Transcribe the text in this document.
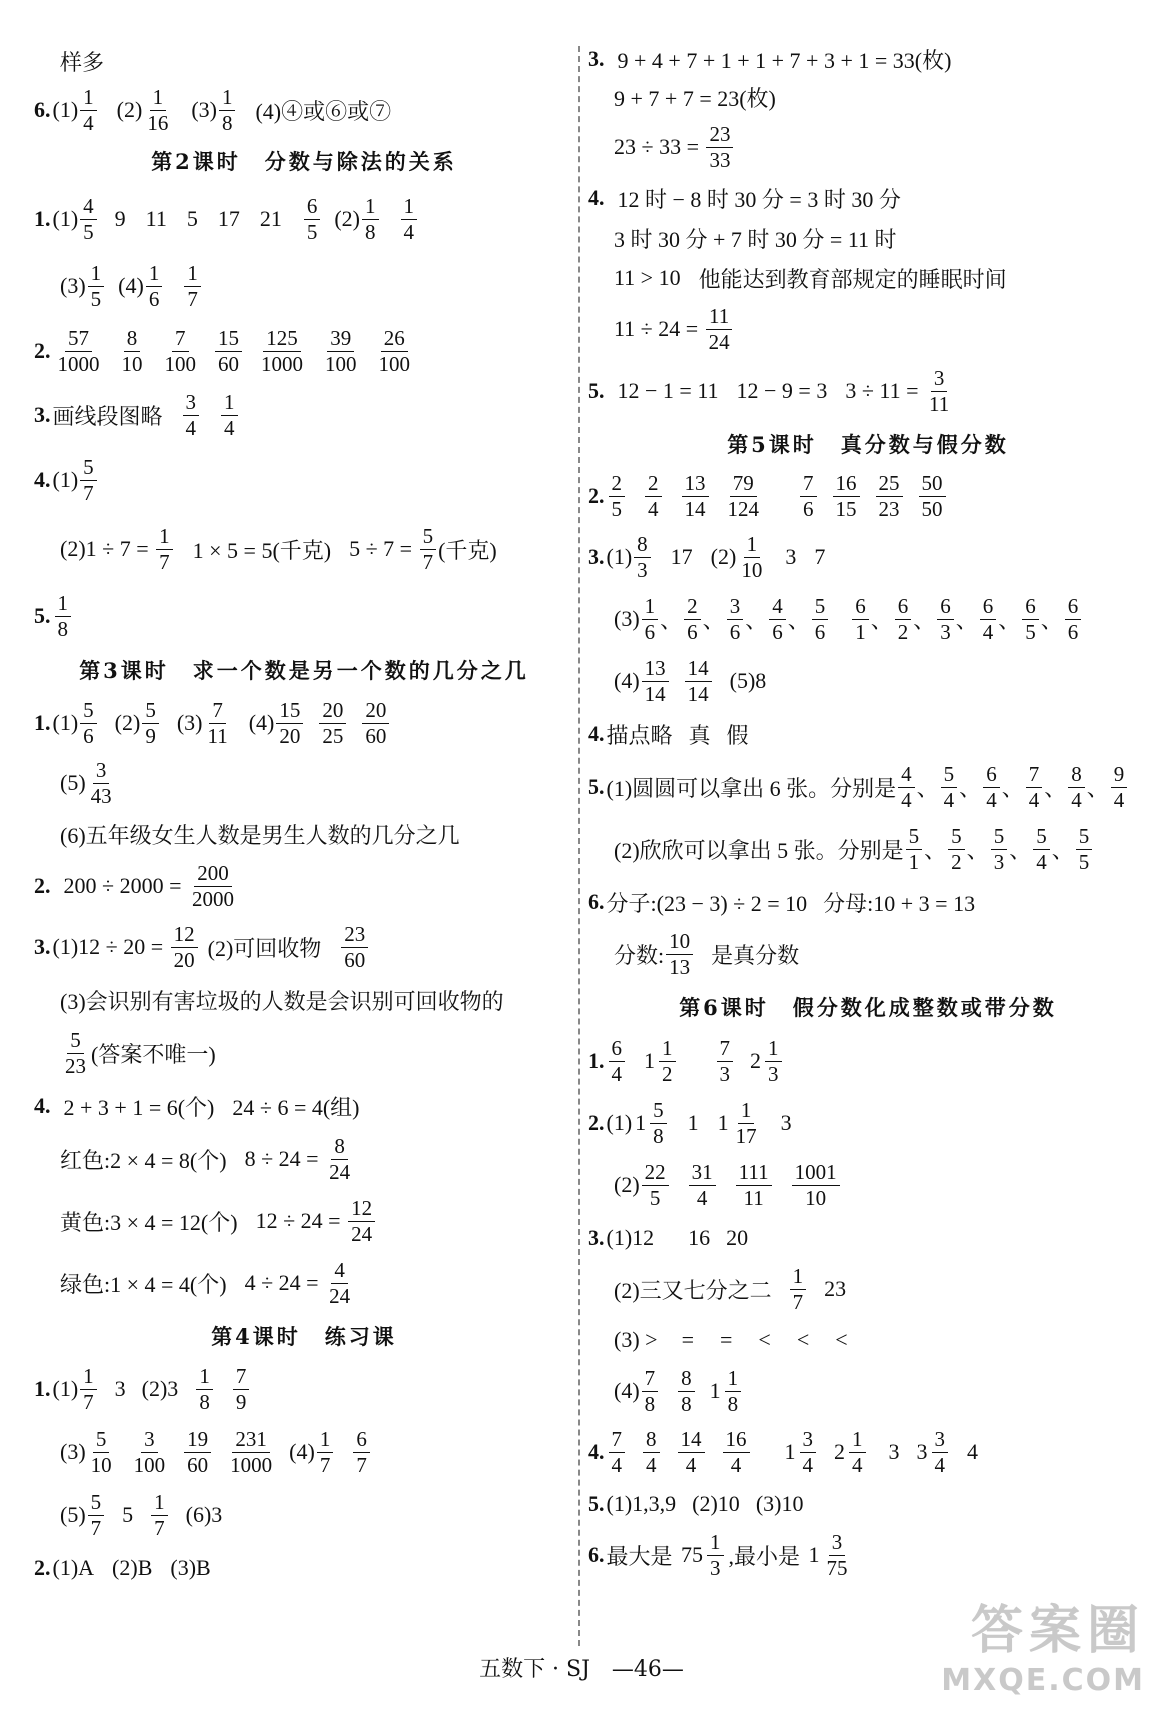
样多
6. $(1) \frac{1}{4} (2) \frac{1}{16} (3) \frac{1}{8}$ (4)④或⑥或⑦
第2课时　分数与除法的关系
1. $(1) \frac{4}{5} 9$ 11 5 17 $21 \frac{6}{5} (2) \frac{1}{8} \frac{1}{4}$
$(3) \frac{1}{5} (4) \frac{1}{6} \frac{1}{7}$
2. $\frac{57}{1000} \frac{8}{10} \frac{7}{100} \frac{15}{60} \frac{125}{1000} \frac{39}{100} \frac{26}{100}$
3. 画线段图略 $\frac{3}{4} \frac{1}{4}$
4. $(1) \frac{5}{7}$
$(2)1 \div 7 = \frac{1}{7} 1 \times 5 = 5$(千克) $5 \div 7 = \frac{5}{7}$ (千克)
5. $\frac{1}{8}$
第3课时　求一个数是另一个数的几分之几
1. $(1) \frac{5}{6} (2) \frac{5}{9} (3) \frac{7}{11} (4) \frac{15}{20} \frac{20}{25} \frac{20}{60}$
$(5) \frac{3}{43}$
(6)五年级女生人数是男生人数的几分之几
2. $200 \div 2000 = \frac{200}{2000}$
3. $(1)12 \div 20 = \frac{12}{20} (2)$可回收物 $\frac{23}{60}$
(3)会识别有害垃圾的人数是会识别可回收物的
$\frac{5}{23}$ (答案不唯一)
4. 2 + 3 + 1 = 6(个) 24 ÷ 6 = 4(组)
红色:2 × 4 = 8(个) $8 \div 24 = \frac{8}{24}$
黄色:3 × 4 = 12(个) $12 \div 24 = \frac{12}{24}$
绿色:1 × 4 = 4(个) $4 \div 24 = \frac{4}{24}$
第4课时　练习课
1. $(1) \frac{1}{7} 3$ $(2)3 \frac{1}{8} \frac{7}{9}$
$(3) \frac{5}{10} \frac{3}{100} \frac{19}{60} \frac{231}{1000} (4) \frac{1}{7} \frac{6}{7}$
$(5) \frac{5}{7} 5 \frac{1}{7} (6)3$
2. (1)A (2)B (3)B
3. 9 + 4 + 7 + 1 + 1 + 7 + 3 + 1 = 33(枚)
9 + 7 + 7 = 23(枚)
$23 \div 33 = \frac{23}{33}$
4. 12 时 − 8 时 30 分 = 3 时 30 分
3 时 30 分 + 7 时 30 分 = 11 时
11 > 10 他能达到教育部规定的睡眠时间
$11 \div 24 = \frac{11}{24}$
5. 12 − 1 = 11 12 − 9 = 3 $3 \div 11 = \frac{3}{11}$
第5课时　真分数与假分数
2. $\frac{2}{5} \frac{2}{4} \frac{13}{14} \frac{79}{124} \frac{7}{6} \frac{16}{15} \frac{25}{23} \frac{50}{50}$
3. $(1) \frac{8}{3} 17$ $(2) \frac{1}{10} 3$ 7
$(3) \frac{1}{6}$ 、 $\frac{2}{6}$ 、 $\frac{3}{6}$ 、 $\frac{4}{6}$ 、 $\frac{5}{6} \frac{6}{1}$ 、 $\frac{6}{2}$ 、 $\frac{6}{3}$ 、 $\frac{6}{4}$ 、 $\frac{6}{5}$ 、 $\frac{6}{6}$
$(4) \frac{13}{14} \frac{14}{14} (5)8$
4. 描点略 真 假
5. (1)圆圆可以拿出 6 张。分别是 $\frac{4}{4}$ 、 $\frac{5}{4}$ 、 $\frac{6}{4}$ 、 $\frac{7}{4}$ 、 $\frac{8}{4}$ 、 $\frac{9}{4}$
(2)欣欣可以拿出 5 张。分别是 $\frac{5}{1}$ 、 $\frac{5}{2}$ 、 $\frac{5}{3}$ 、 $\frac{5}{4}$ 、 $\frac{5}{5}$
6. 分子:(23 − 3) ÷ 2 = 10 分母:10 + 3 = 13
分数: $\frac{10}{13}$ 是真分数
第6课时　假分数化成整数或带分数
1. $\frac{6}{4} 1 \frac{1}{2} \frac{7}{3} 2 \frac{1}{3}$
2. (1) $1 \frac{5}{8} 1$ $1 \frac{1}{17} 3$
$(2) \frac{22}{5} \frac{31}{4} \frac{111}{11} \frac{1001}{10}$
3. (1)12 16 20
(2)三又七分之二 $\frac{1}{7} 23$
(3) > = = < < <
$(4) \frac{7}{8} \frac{8}{8} 1 \frac{1}{8}$
4. $\frac{7}{4} \frac{8}{4} \frac{14}{4} \frac{16}{4} 1 \frac{3}{4} 2 \frac{1}{4} 3$ $3 \frac{3}{4} 4$
5. (1)1,3,9 (2)10 (3)10
6. 最大是 $75 \frac{1}{3}$ ,最小是 $1 \frac{3}{75}$
五数下 · SJ　—46—
答案圈
MXQE.COM
